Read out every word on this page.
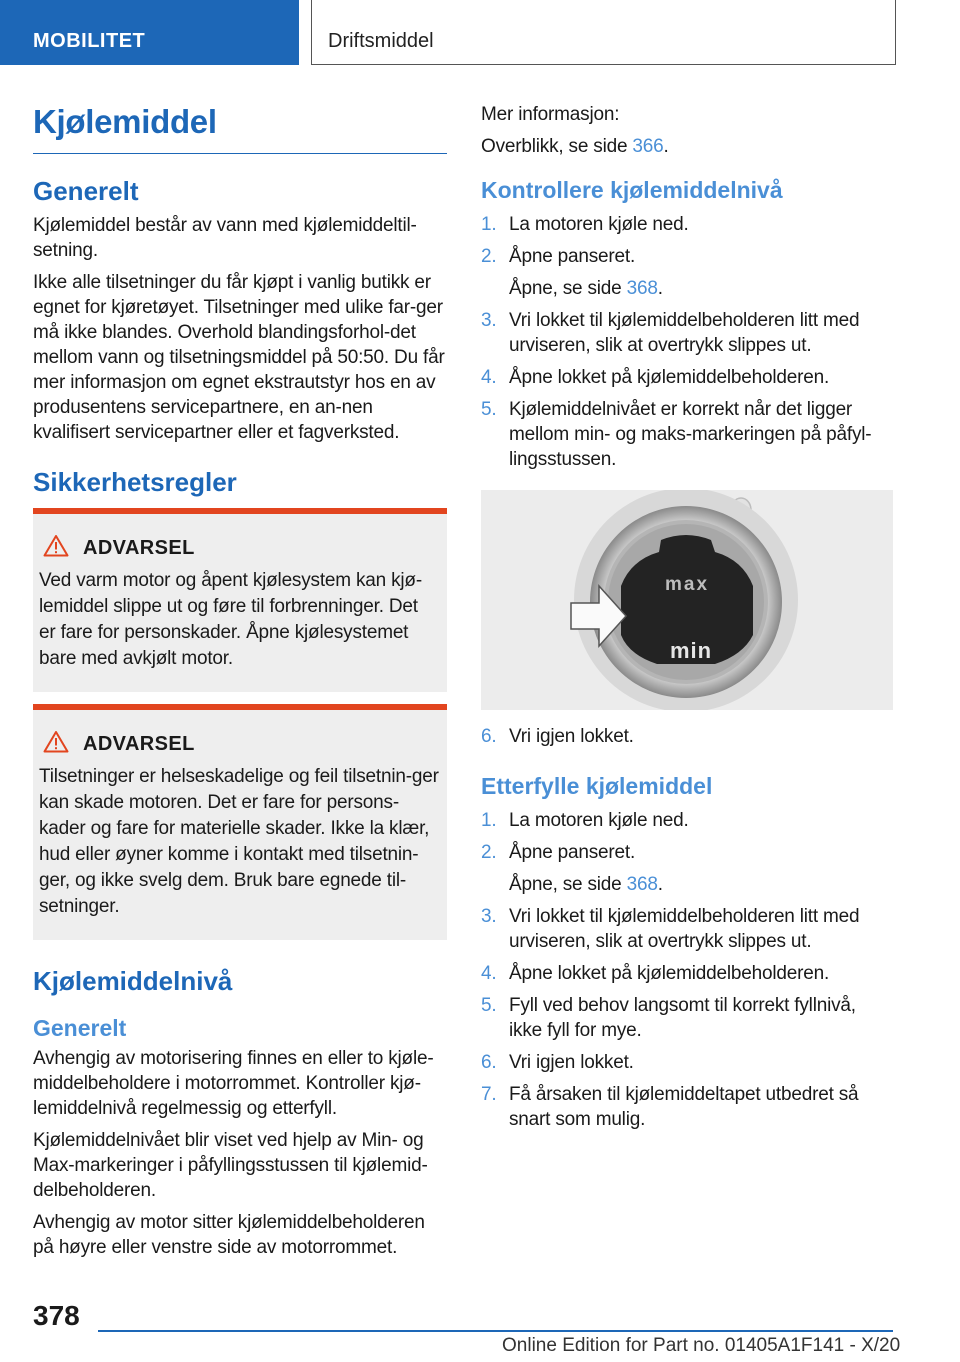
MOBILITET	Driftsmiddel
Kjølemiddel
Generelt

Kjølemiddel består av vann med kjølemiddeltil-setning.

Ikke alle tilsetninger du får kjøpt i vanlig butikk er egnet for kjøretøyet. Tilsetninger med ulike far-ger må ikke blandes. Overhold blandingsforhol-det mellom vann og tilsetningsmiddel på 50:50. Du får mer informasjon om egnet ekstrautstyr hos en av produsentens servicepartnere, en an-nen kvalifisert servicepartner eller et fagverksted.

Sikkerhetsregler
ADVARSEL

Ved varm motor og åpent kjølesystem kan kjø-lemiddel slippe ut og føre til forbrenninger. Det er fare for personskader. Åpne kjølesystemet bare med avkjølt motor.

ADVARSEL

Tilsetninger er helseskadelige og feil tilsetnin-ger kan skade motoren. Det er fare for persons-kader og fare for materielle skader. Ikke la klær, hud eller øyner komme i kontakt med tilsetnin-ger, og ikke svelg dem. Bruk bare egnede til-setninger.

Kjølemiddelnivå
Generelt

Avhengig av motorisering finnes en eller to kjøle-middelbeholdere i motorrommet. Kontroller kjø-lemiddelnivå regelmessig og etterfyll.

Kjølemiddelnivået blir viset ved hjelp av Min- og Max-markeringer i påfyllingsstussen til kjølemid-delbeholderen.

Avhengig av motor sitter kjølemiddelbeholderen på høyre eller venstre side av motorrommet.

Mer informasjon:

Overblikk, se side 366.

Kontrollere kjølemiddelnivå
1. La motoren kjøle ned.

2. Åpne panseret.

Åpne, se side 368.

3. Vri lokket til kjølemiddelbeholderen litt med urviseren, slik at overtrykk slippes ut.

4. Åpne lokket på kjølemiddelbeholderen.

5. Kjølemiddelnivået er korrekt når det ligger mellom min- og maks-markeringen på påfyl-lingsstussen.

max
min
6. Vri igjen lokket.
Etterfylle kjølemiddel
1. La motoren kjøle ned.

2. Åpne panseret.

Åpne, se side 368.

3. Vri lokket til kjølemiddelbeholderen litt med urviseren, slik at overtrykk slippes ut.

4. Åpne lokket på kjølemiddelbeholderen.

5. Fyll ved behov langsomt til korrekt fyllnivå, ikke fyll for mye.

6. Vri igjen lokket.

7. Få årsaken til kjølemiddeltapet utbedret så snart som mulig.

378
Online Edition for Part no. 01405A1F141 - X/20
